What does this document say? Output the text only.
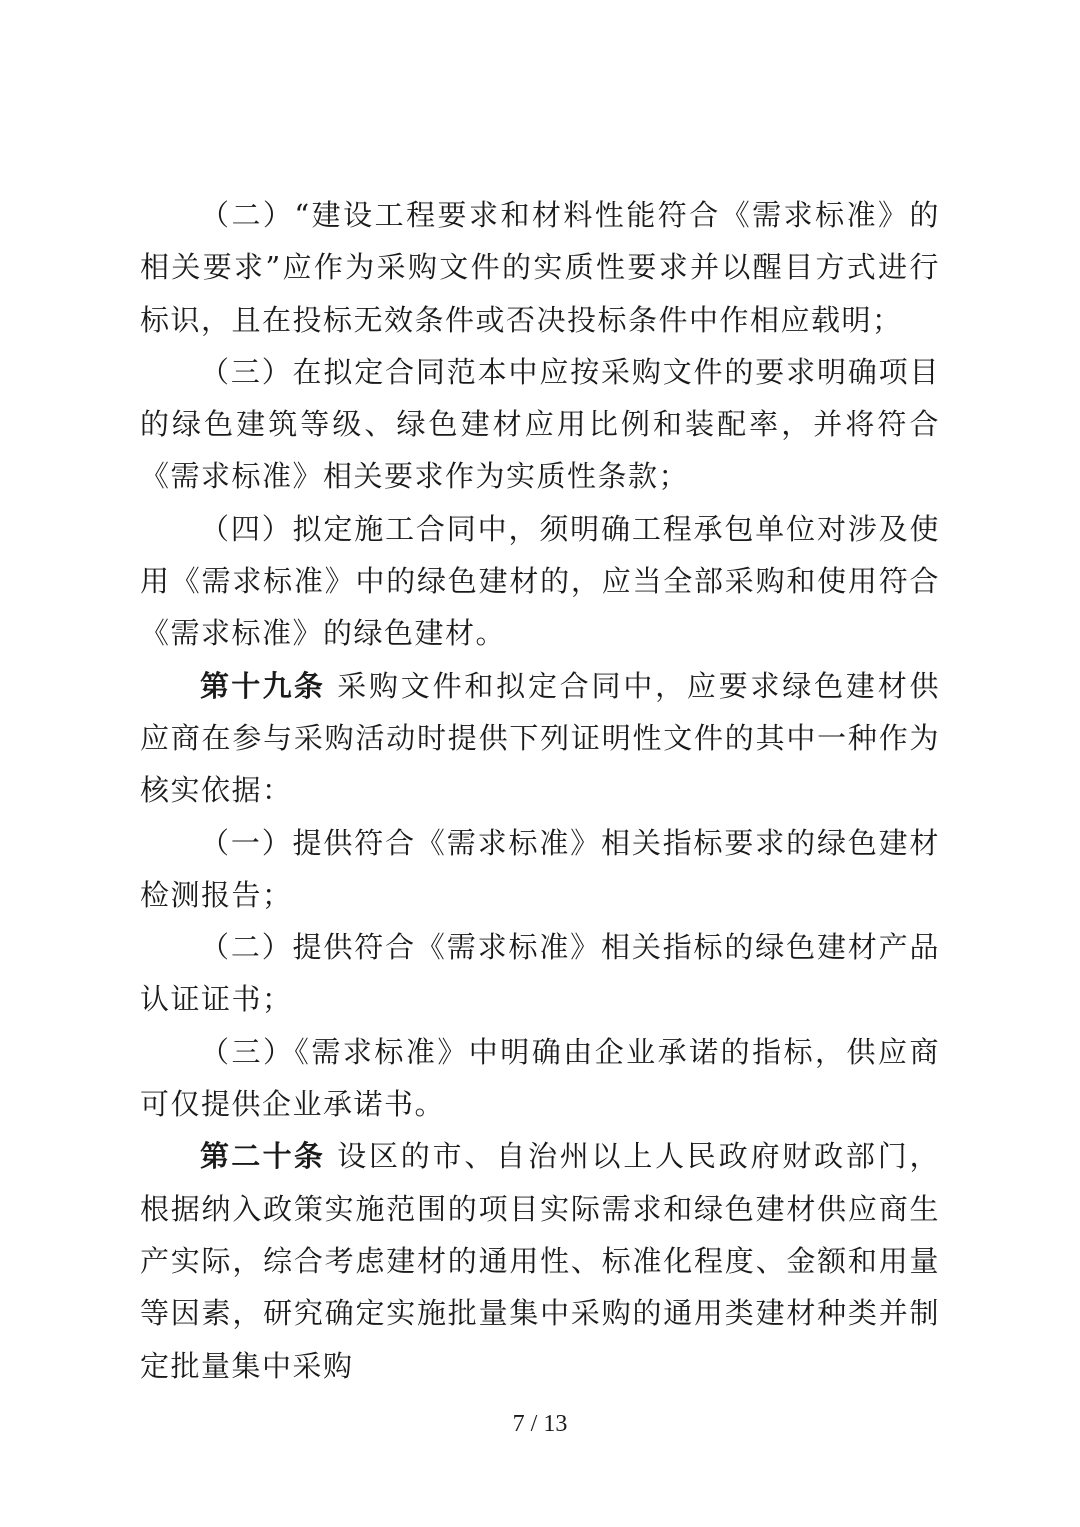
（二）“建设工程要求和材料性能符合《需求标准》的相关要求”应作为采购文件的实质性要求并以醒目方式进行标识，且在投标无效条件或否决投标条件中作相应载明；

（三）在拟定合同范本中应按采购文件的要求明确项目的绿色建筑等级、绿色建材应用比例和装配率，并将符合《需求标准》相关要求作为实质性条款；

（四）拟定施工合同中，须明确工程承包单位对涉及使用《需求标准》中的绿色建材的，应当全部采购和使用符合《需求标准》的绿色建材。

第十九条 采购文件和拟定合同中，应要求绿色建材供应商在参与采购活动时提供下列证明性文件的其中一种作为核实依据：

（一）提供符合《需求标准》相关指标要求的绿色建材检测报告；

（二）提供符合《需求标准》相关指标的绿色建材产品认证证书；

（三）《需求标准》中明确由企业承诺的指标，供应商可仅提供企业承诺书。

第二十条 设区的市、自治州以上人民政府财政部门，根据纳入政策实施范围的项目实际需求和绿色建材供应商生产实际，综合考虑建材的通用性、标准化程度、金额和用量等因素，研究确定实施批量集中采购的通用类建材种类并制定批量集中采购

7 / 13
